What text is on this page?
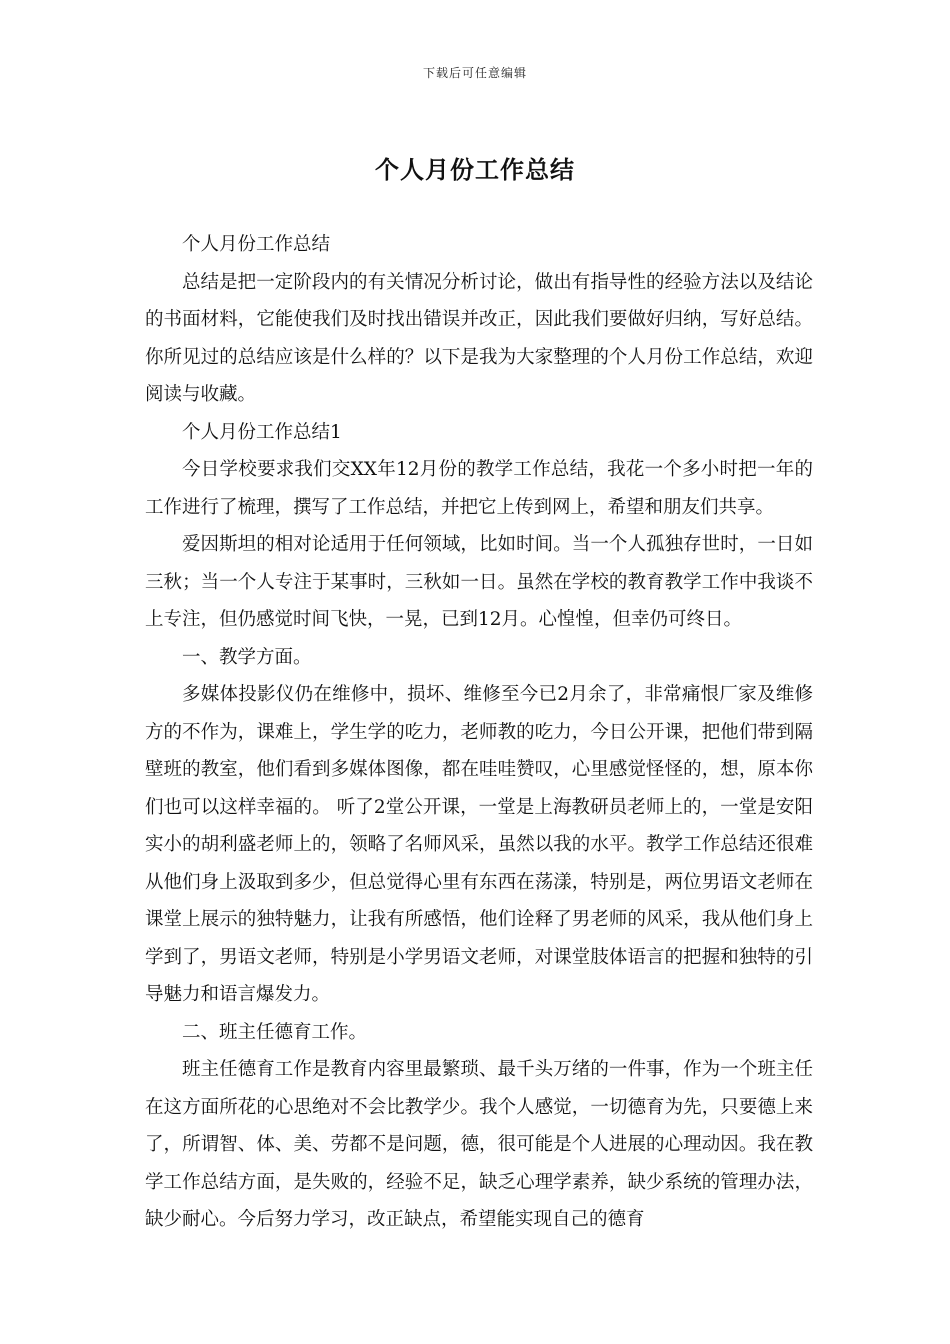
下载后可任意编辑
个人月份工作总结

个人月份工作总结

总结是把一定阶段内的有关情况分析讨论，做出有指导性的经验方法以及结论的书面材料，它能使我们及时找出错误并改正，因此我们要做好归纳，写好总结。你所见过的总结应该是什么样的？以下是我为大家整理的个人月份工作总结，欢迎阅读与收藏。

个人月份工作总结1

今日学校要求我们交XX年12月份的教学工作总结，我花一个多小时把一年的工作进行了梳理，撰写了工作总结，并把它上传到网上，希望和朋友们共享。

爱因斯坦的相对论适用于任何领域，比如时间。当一个人孤独存世时，一日如三秋；当一个人专注于某事时，三秋如一日。虽然在学校的教育教学工作中我谈不上专注，但仍感觉时间飞快，一晃，已到12月。心惶惶，但幸仍可终日。

一、教学方面。

多媒体投影仪仍在维修中，损坏、维修至今已2月余了，非常痛恨厂家及维修方的不作为，课难上，学生学的吃力，老师教的吃力，今日公开课，把他们带到隔壁班的教室，他们看到多媒体图像，都在哇哇赞叹，心里感觉怪怪的，想，原本你们也可以这样幸福的。 听了2堂公开课，一堂是上海教研员老师上的，一堂是安阳实小的胡利盛老师上的，领略了名师风采，虽然以我的水平。教学工作总结还很难从他们身上汲取到多少，但总觉得心里有东西在荡漾，特别是，两位男语文老师在课堂上展示的独特魅力，让我有所感悟，他们诠释了男老师的风采，我从他们身上学到了，男语文老师，特别是小学男语文老师，对课堂肢体语言的把握和独特的引导魅力和语言爆发力。

二、班主任德育工作。

班主任德育工作是教育内容里最繁琐、最千头万绪的一件事，作为一个班主任在这方面所花的心思绝对不会比教学少。我个人感觉，一切德育为先，只要德上来了，所谓智、体、美、劳都不是问题，德，很可能是个人进展的心理动因。我在教学工作总结方面，是失败的，经验不足，缺乏心理学素养，缺少系统的管理办法，缺少耐心。今后努力学习，改正缺点，希望能实现自己的德育
